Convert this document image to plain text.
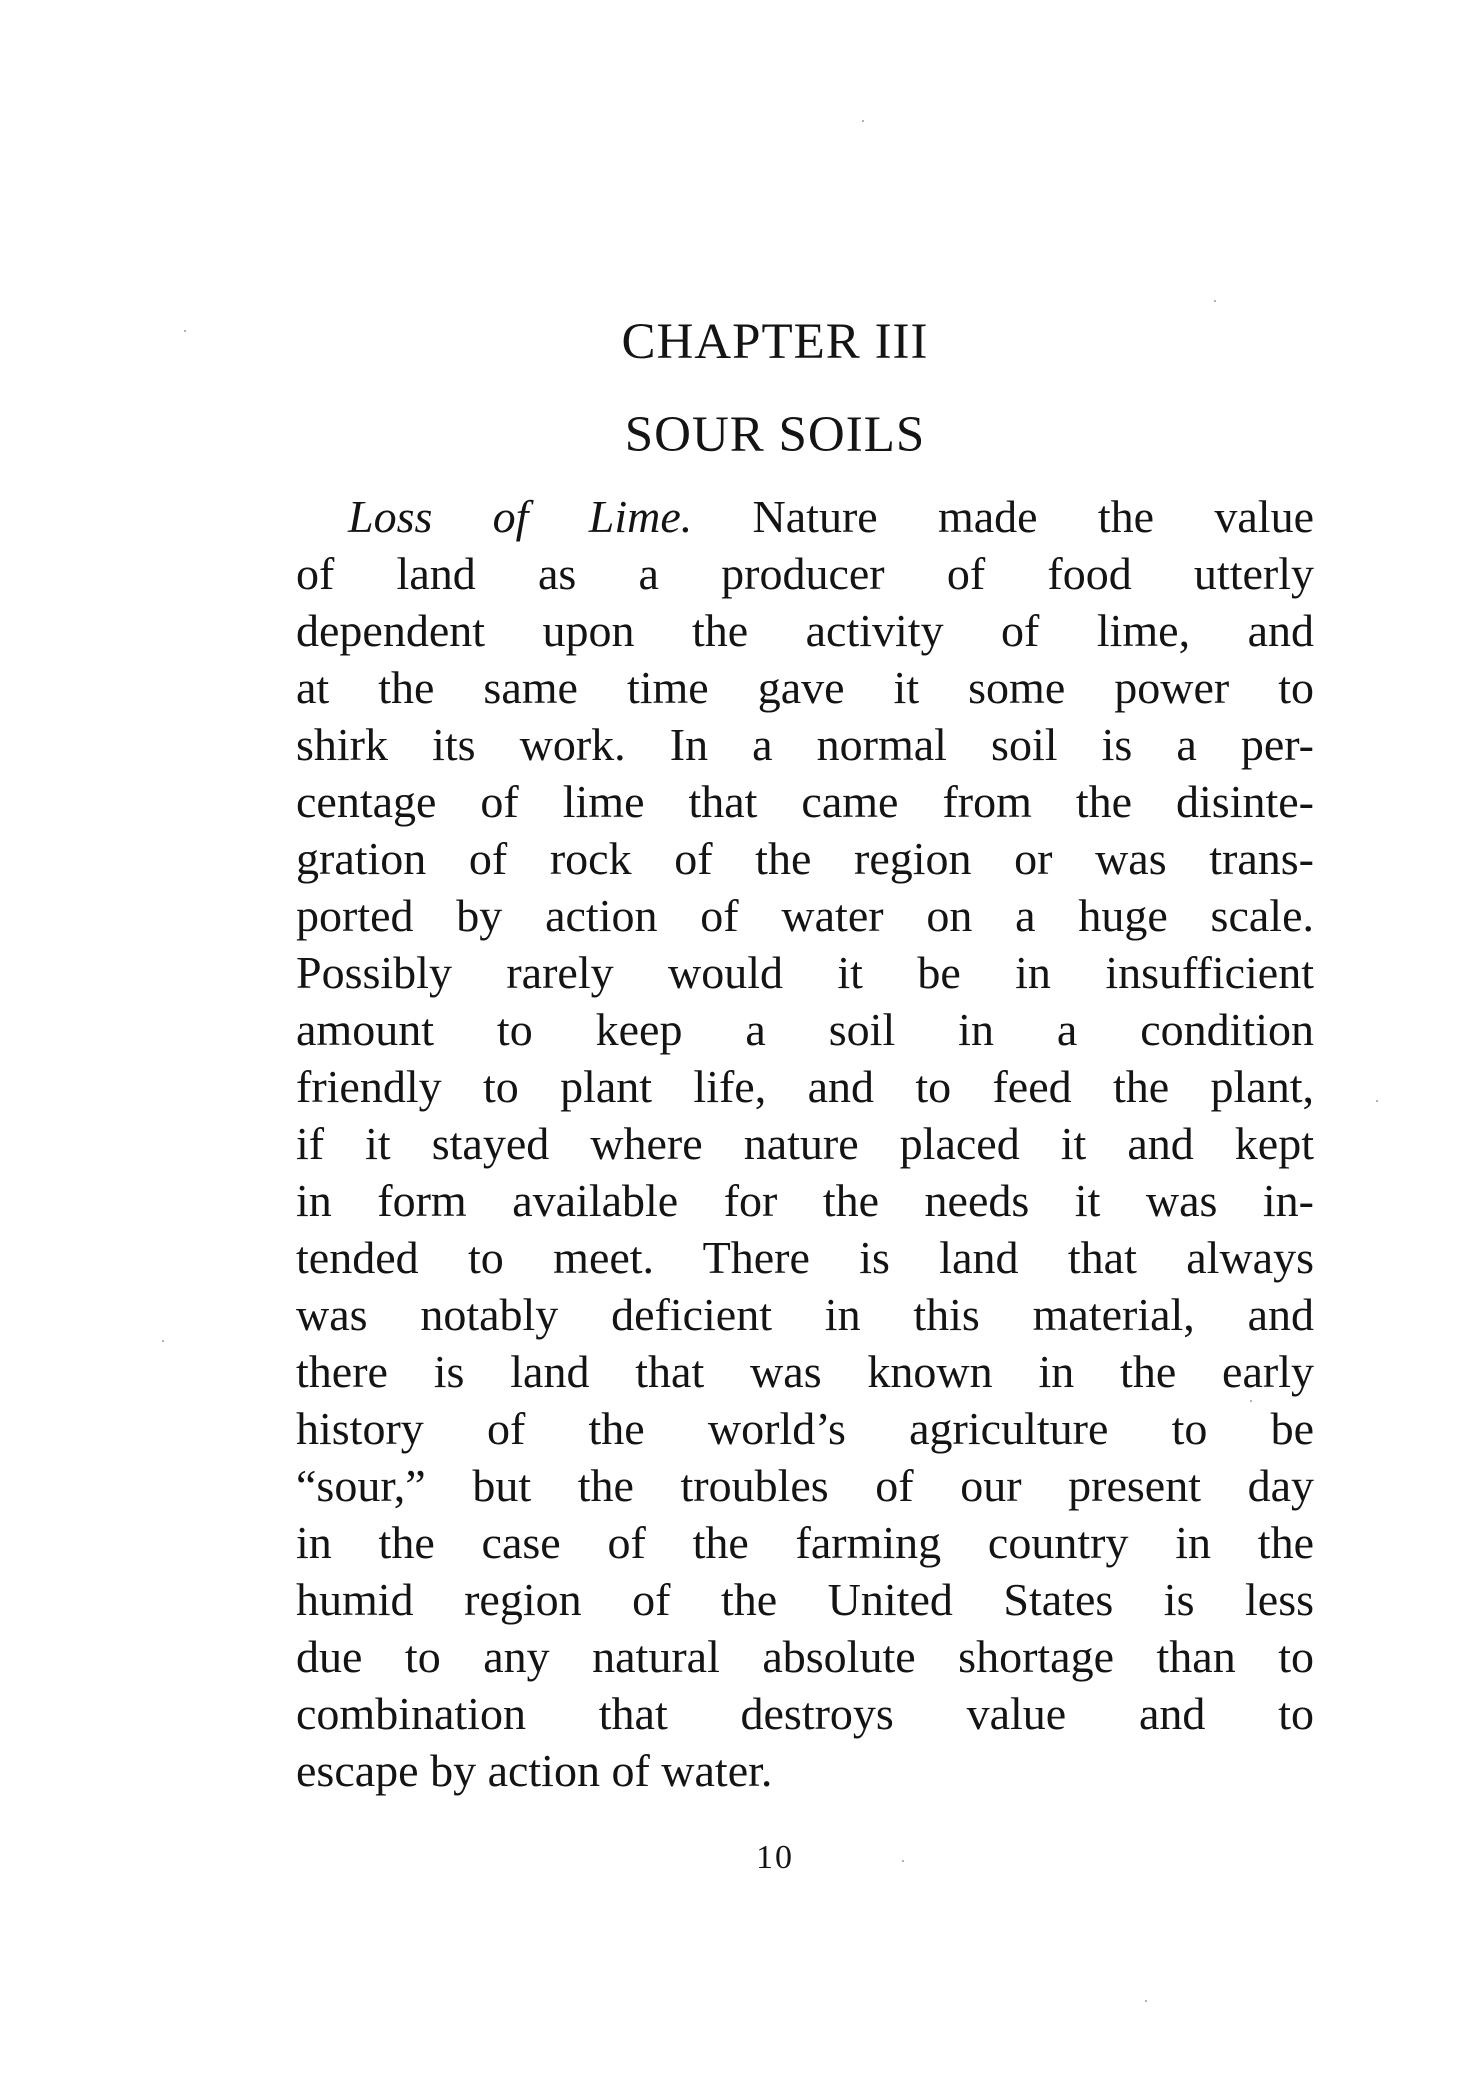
CHAPTER III
SOUR SOILS
Loss of Lime. Nature made the value
of land as a producer of food utterly
dependent upon the activity of lime, and
at the same time gave it some power to
shirk its work. In a normal soil is a per-
centage of lime that came from the disinte-
gration of rock of the region or was trans-
ported by action of water on a huge scale.
Possibly rarely would it be in insufficient
amount to keep a soil in a condition
friendly to plant life, and to feed the plant,
if it stayed where nature placed it and kept
in form available for the needs it was in-
tended to meet. There is land that always
was notably deficient in this material, and
there is land that was known in the early
history of the world’s agriculture to be
“sour,” but the troubles of our present day
in the case of the farming country in the
humid region of the United States is less
due to any natural absolute shortage than to
combination that destroys value and to
escape by action of water.
10
